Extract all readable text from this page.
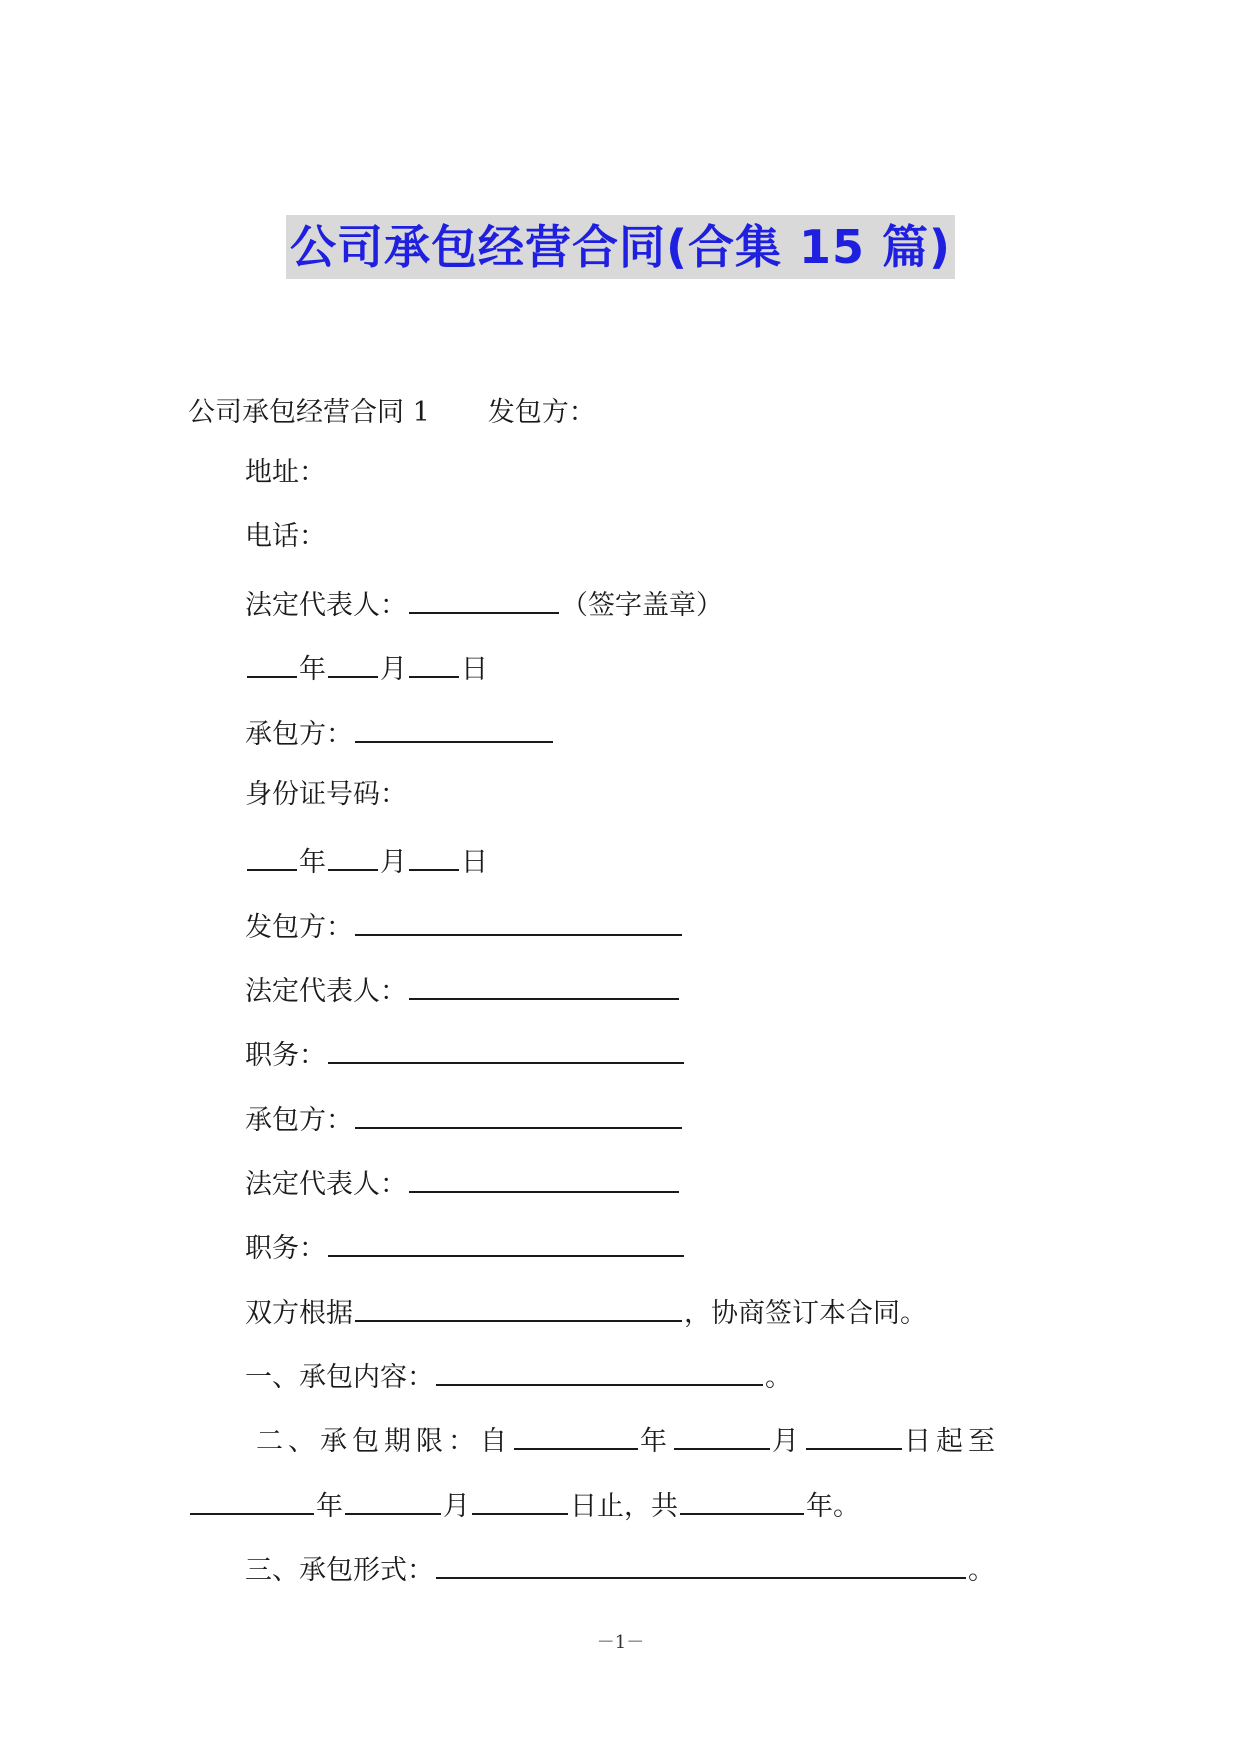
公司承包经营合同(合集 15 篇)
公司承包经营合同 1 发包方：
地址：
电话：
法定代表人：	（签字盖章）
年 月 日
承包方：
身份证号码：
年 月 日
发包方：
法定代表人：
职务：
承包方：
法定代表人：
职务：
双方根据	，协商签订本合同。
一、承包内容：	。
二、承包期限：自	年	月	日起至
年	月	日止，共	年。
三、承包形式：	。
－1－
